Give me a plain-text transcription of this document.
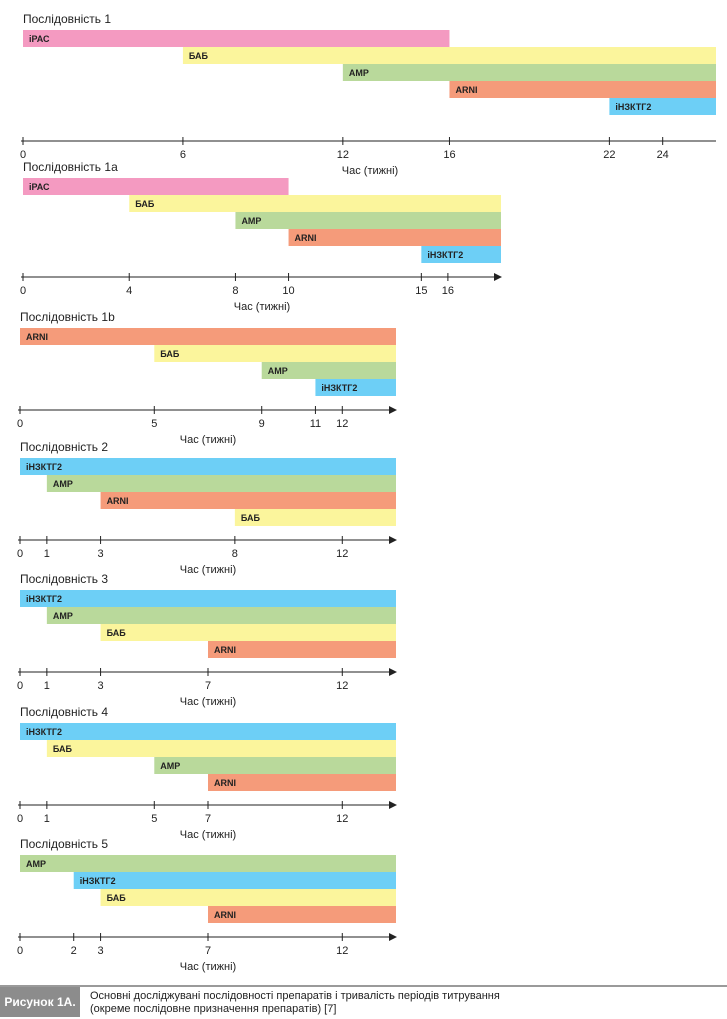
Послідовність 1
іРАС
БАБ
АМР
ARNI
іНЗКТГ2
0	6	12	16	22	24
Час (тижні)
Послідовність 1a
іРАС
БАБ
АМР
ARNI
іНЗКТГ2
0	4	8	10	15 16
Час (тижні)
Послідовність 1b
ARNI
БАБ
АМР
іНЗКТГ2
0	5	9	11 12
Час (тижні)
Послідовність 2
іНЗКТГ2
АМР
ARNI
БАБ
0 1	3	8	12
Час (тижні)
Послідовність 3
іНЗКТГ2
АМР
БАБ
ARNI
0 1	3	7	12
Час (тижні)
Послідовність 4
іНЗКТГ2
БАБ
АМР
ARNI
0 1	5	7	12
Час (тижні)
Послідовність 5
АМР
іНЗКТГ2
БАБ
ARNI
0	2 3	7	12
Час (тижні)
Рисунок 1А.	Основні досліджувані послідовності препаратів і тривалість періодів титрування
(окреме послідовне призначення препаратів) [7]
